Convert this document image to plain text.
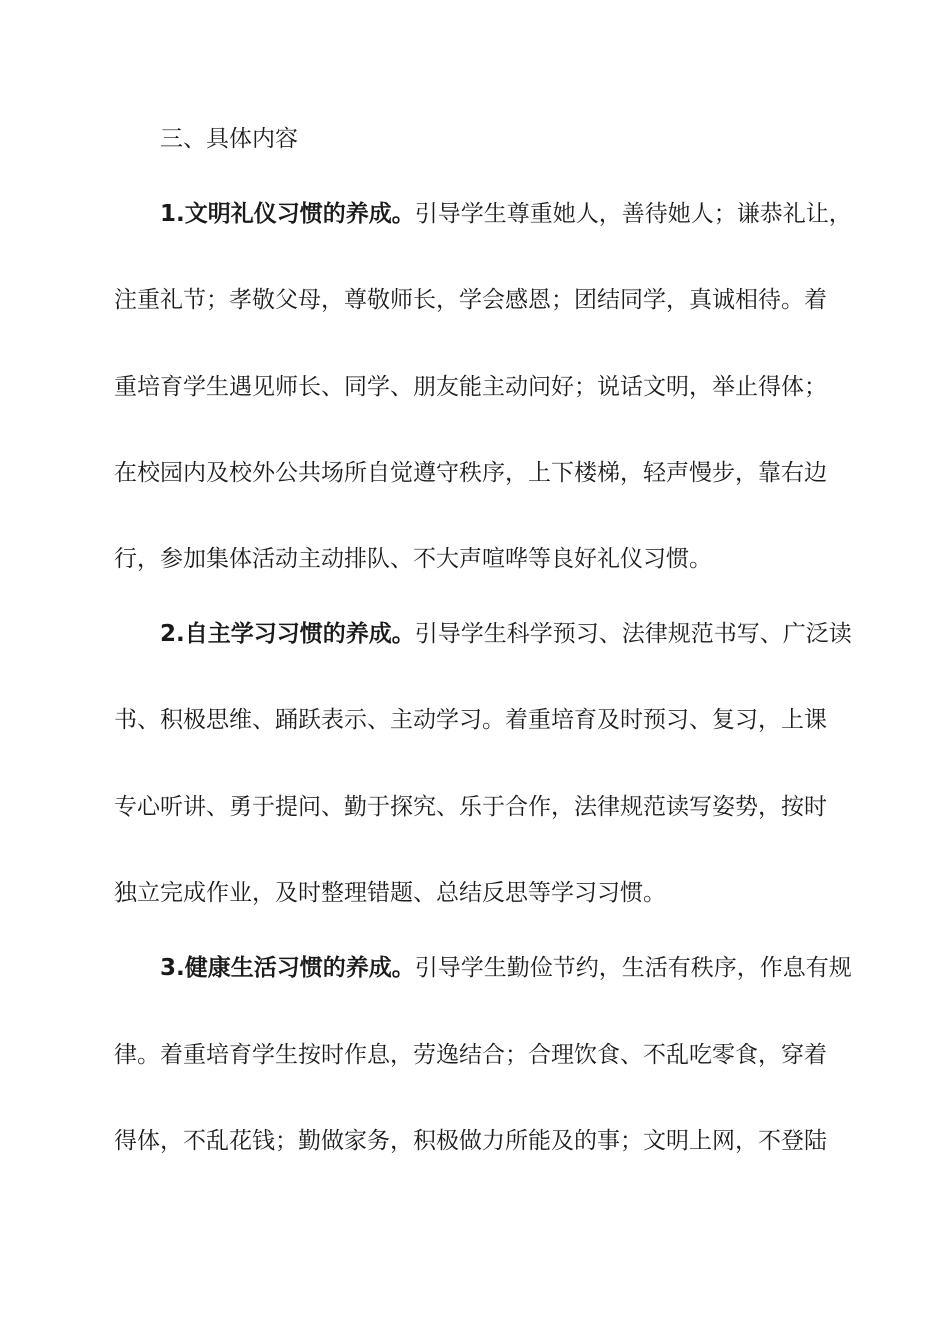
三、具体内容
1.文明礼仪习惯的养成。引导学生尊重她人，善待她人；谦恭礼让，
注重礼节；孝敬父母，尊敬师长，学会感恩；团结同学，真诚相待。着
重培育学生遇见师长、同学、朋友能主动问好；说话文明，举止得体；
在校园内及校外公共场所自觉遵守秩序，上下楼梯，轻声慢步，靠右边
行，参加集体活动主动排队、不大声喧哗等良好礼仪习惯。
2.自主学习习惯的养成。引导学生科学预习、法律规范书写、广泛读
书、积极思维、踊跃表示、主动学习。着重培育及时预习、复习，上课
专心听讲、勇于提问、勤于探究、乐于合作，法律规范读写姿势，按时
独立完成作业，及时整理错题、总结反思等学习习惯。
3.健康生活习惯的养成。引导学生勤俭节约，生活有秩序，作息有规
律。着重培育学生按时作息，劳逸结合；合理饮食、不乱吃零食，穿着
得体，不乱花钱；勤做家务，积极做力所能及的事；文明上网，不登陆
